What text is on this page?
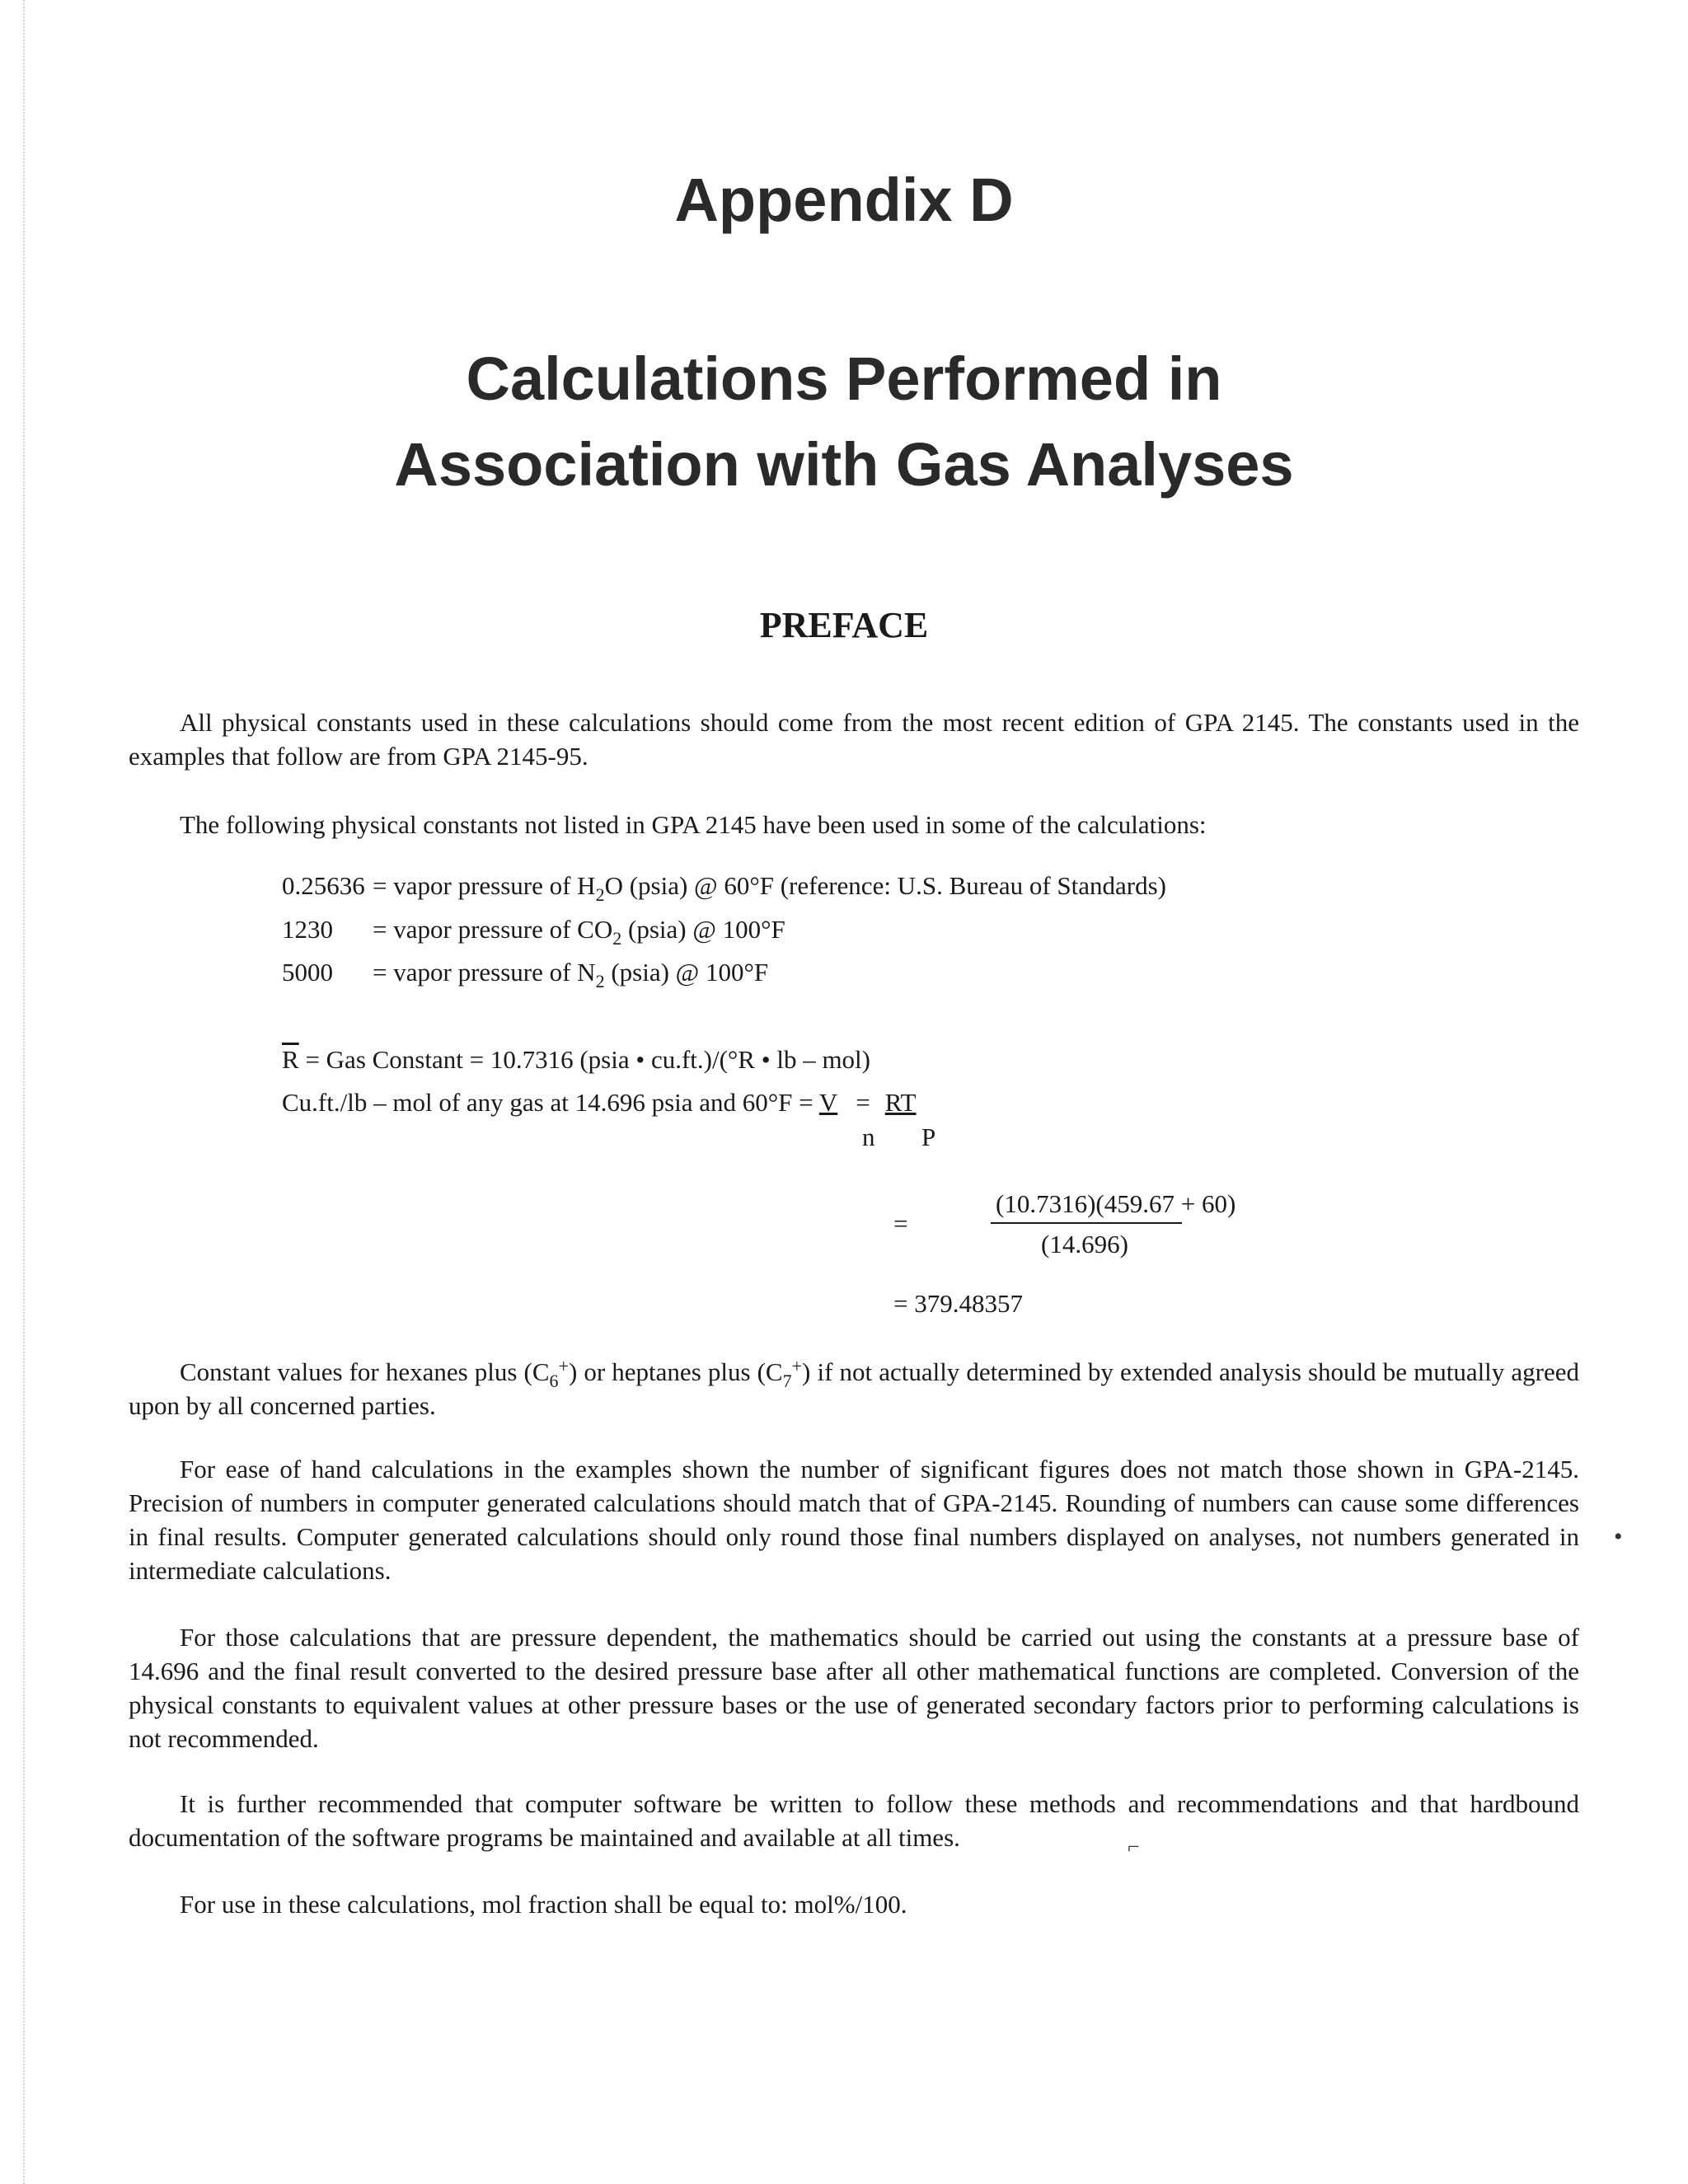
Appendix D
Calculations Performed in
Association with Gas Analyses
PREFACE

All physical constants used in these calculations should come from the most recent edition of GPA 2145. The constants used in the examples that follow are from GPA 2145-95.

The following physical constants not listed in GPA 2145 have been used in some of the calculations:

0.25636 = vapor pressure of $H_2O$ (psia) @ 60°F (reference: U.S. Bureau of Standards)
1230 = vapor pressure of $CO_2$ (psia) @ 100°F
5000 = vapor pressure of $N_2$ (psia) @ 100°F
$\overline{R}$ = Gas Constant = 10.7316 (psia • cu.ft.)/(°R • lb – mol)
Cu.ft./lb – mol of any gas at 14.696 psia and 60°F = V = RT
n P
=
(10.7316)(459.67 + 60)
(14.696)
= 379.48357

Constant values for hexanes plus $(C_6^+)$ or heptanes plus $(C_7^+)$ if not actually determined by extended analysis should be mutually agreed upon by all concerned parties.

For ease of hand calculations in the examples shown the number of significant figures does not match those shown in GPA-2145. Precision of numbers in computer generated calculations should match that of GPA-2145. Rounding of numbers can cause some differences in final results. Computer generated calculations should only round those final numbers displayed on analyses, not numbers generated in intermediate calculations.

For those calculations that are pressure dependent, the mathematics should be carried out using the constants at a pressure base of 14.696 and the final result converted to the desired pressure base after all other mathematical functions are completed. Conversion of the physical constants to equivalent values at other pressure bases or the use of generated secondary factors prior to performing calculations is not recommended.

It is further recommended that computer software be written to follow these methods and recommendations and that hardbound documentation of the software programs be maintained and available at all times.

For use in these calculations, mol fraction shall be equal to: mol%/100.

•
⌐
